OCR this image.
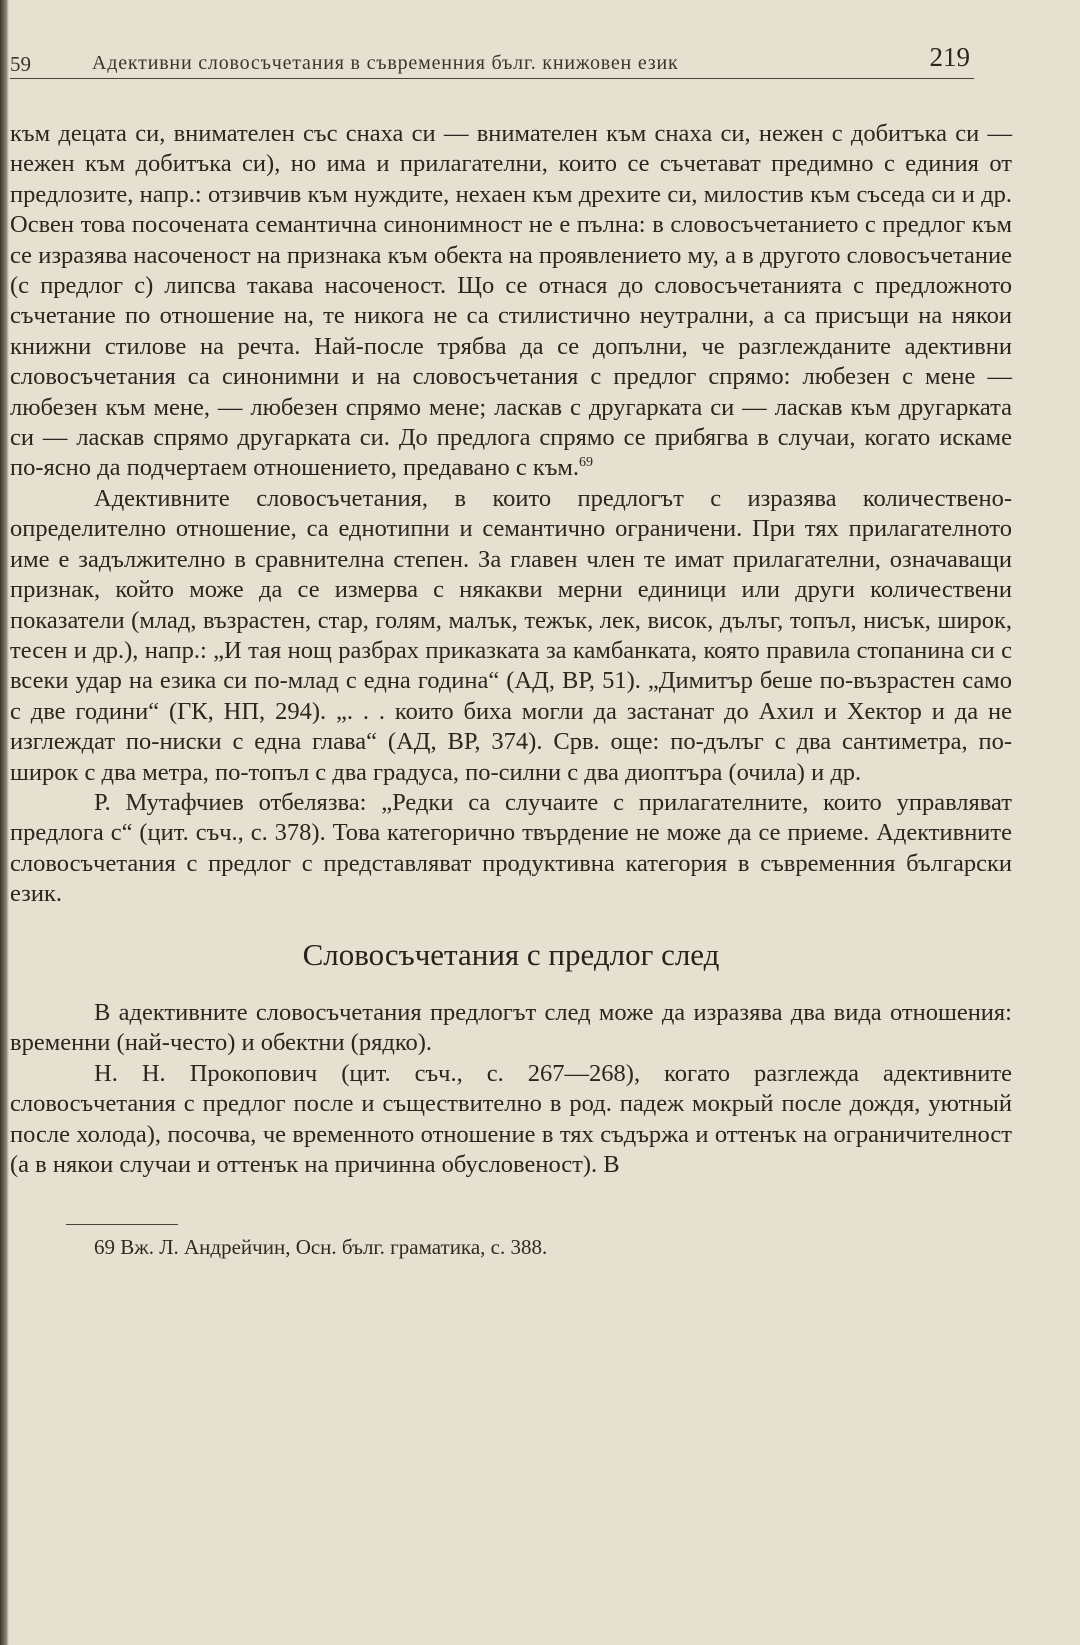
59	Адективни словосъчетания в съвременния бълг. книжовен език	219

към децата си, внимателен със снаха си — внимателен към снаха си, нежен с добитъка си — нежен към добитъка си), но има и прилагателни, които се съчетават предимно с единия от предлозите, напр.: отзивчив към нуждите, нехаен към дрехите си, милостив към съседа си и др. Освен това посочената семантична синонимност не е пълна: в словосъчетанието с предлог към се изразява насоченост на признака към обекта на проявлението му, а в другото словосъчетание (с предлог с) липсва такава насоченост. Що се отнася до словосъчетанията с предложното съчетание по отношение на, те никога не са стилистично неутрални, а са присъщи на някои книжни стилове на речта. Най-после трябва да се допълни, че разглежданите адективни словосъчетания са синонимни и на словосъчетания с предлог спрямо: любезен с мене — любезен към мене, — любезен спрямо мене; ласкав с другарката си — ласкав към другарката си — ласкав спрямо другарката си. До предлога спрямо се прибягва в случаи, когато искаме по-ясно да подчертаем отношението, предавано с към.$^{69}$

Адективните словосъчетания, в които предлогът с изразява количествено-определително отношение, са еднотипни и семантично ограничени. При тях прилагателното име е задължително в сравнителна степен. За главен член те имат прилагателни, означаващи признак, който може да се измерва с някакви мерни единици или други количествени показатели (млад, възрастен, стар, голям, малък, тежък, лек, висок, дълъг, топъл, нисък, широк, тесен и др.), напр.: „И тая нощ разбрах приказката за камбанката, която правила стопанина си с всеки удар на езика си по-млад с една година“ (АД, ВР, 51). „Димитър беше по-възрастен само с две години“ (ГК, НП, 294). „. . . които биха могли да застанат до Ахил и Хектор и да не изглеждат по-ниски с една глава“ (АД, ВР, 374). Срв. още: по-дълъг с два сантиметра, по-широк с два метра, по-топъл с два градуса, по-силни с два диоптъра (очила) и др.

Р. Мутафчиев отбелязва: „Редки са случаите с прилагателните, които управляват предлога с“ (цит. съч., с. 378). Това категорично твърдение не може да се приеме. Адективните словосъчетания с предлог с представляват продуктивна категория в съвременния български език.

Словосъчетания с предлог след

В адективните словосъчетания предлогът след може да изразява два вида отношения: временни (най-често) и обектни (рядко).

Н. Н. Прокопович (цит. съч., с. 267—268), когато разглежда адективните словосъчетания с предлог после и съществително в род. падеж мокрый после дождя, уютный после холода), посочва, че временното отношение в тях съдържа и оттенък на ограничителност (а в някои случаи и оттенък на причинна обусловеност). В

69 Вж. Л. Андрейчин, Осн. бълг. граматика, с. 388.
